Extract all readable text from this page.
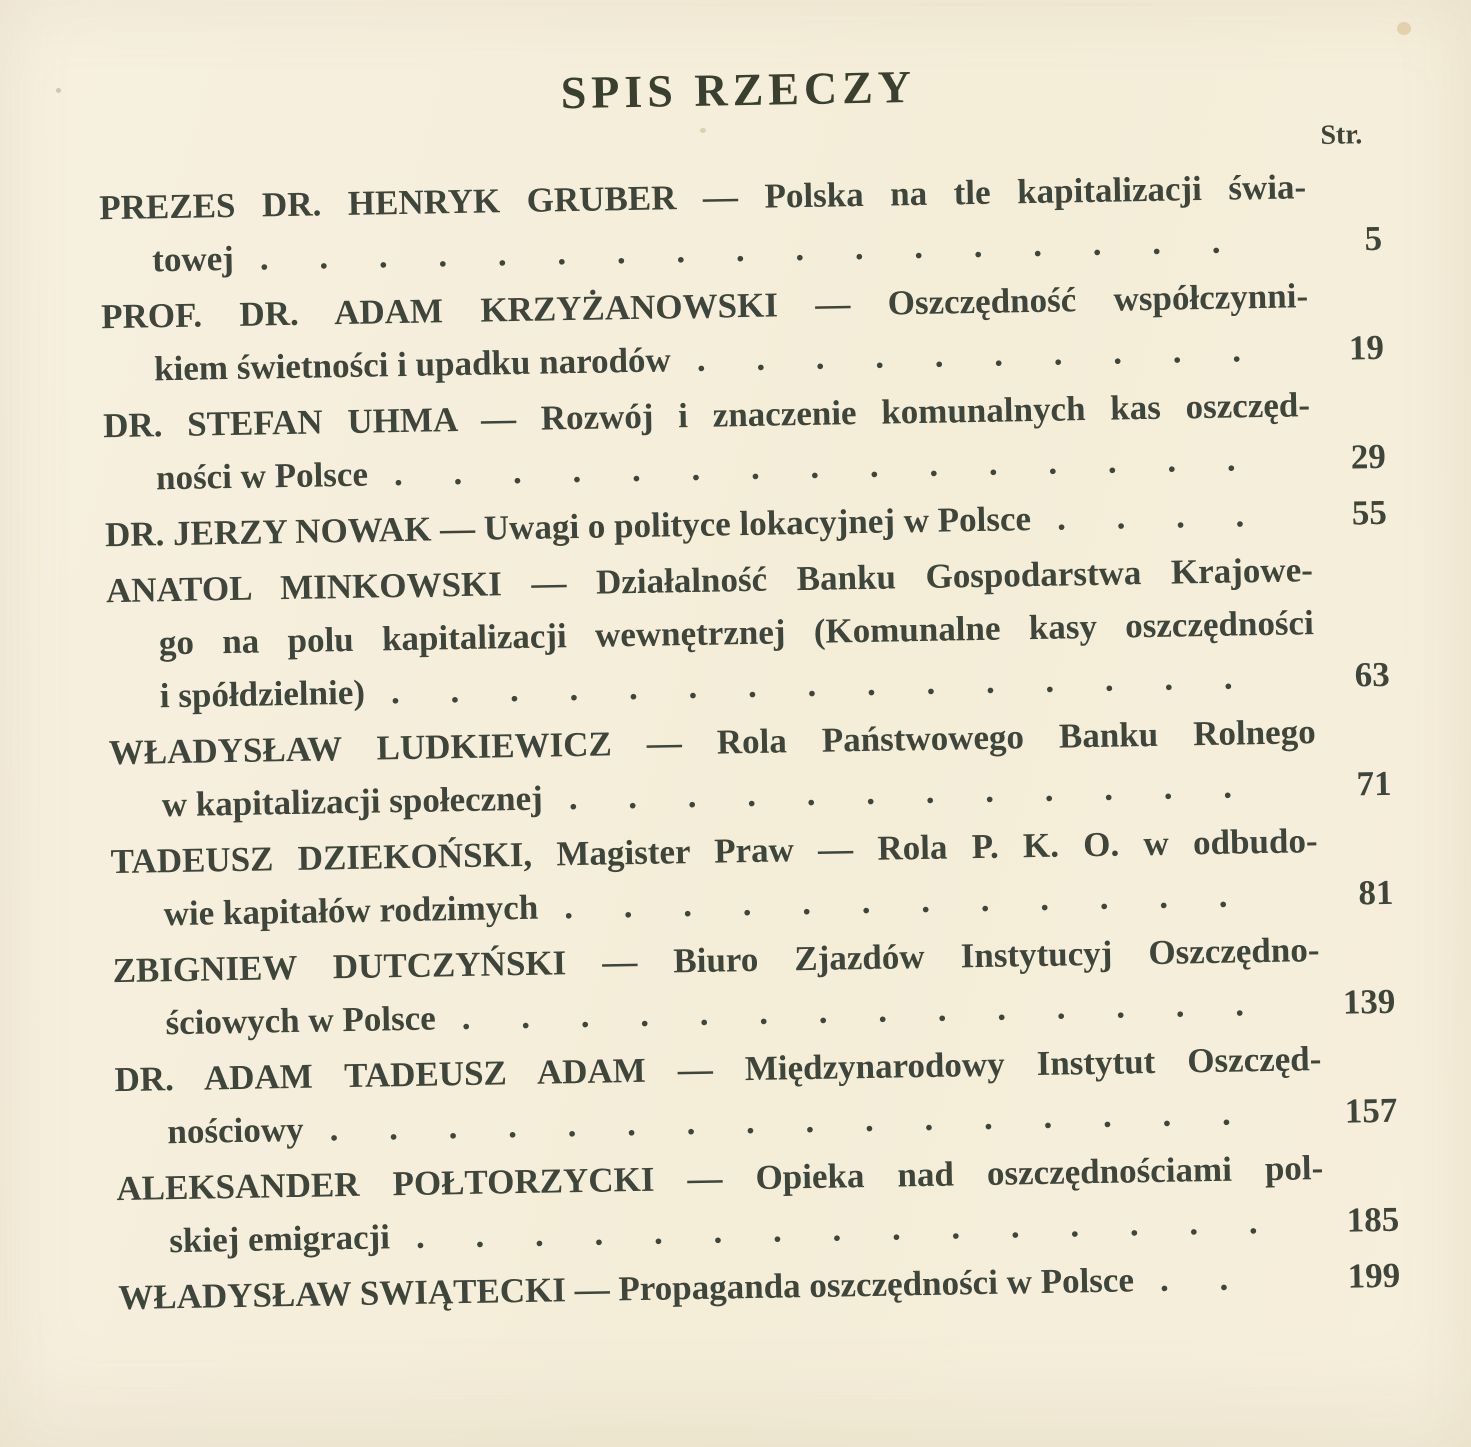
SPIS RZECZY
Str.
PREZES DR. HENRYK GRUBER — Polska na tle kapitalizacji świa-
towej . . . . . . . . . . . . . . . . .	5
PROF. DR. ADAM KRZYŻANOWSKI — Oszczędność współczynni-
kiem świetności i upadku narodów . . . . . . . . . .	19
DR. STEFAN UHMA — Rozwój i znaczenie komunalnych kas oszczęd-
ności w Polsce . . . . . . . . . . . . . . .	29
DR. JERZY NOWAK — Uwagi o polityce lokacyjnej w Polsce . . . .	55
ANATOL MINKOWSKI — Działalność Banku Gospodarstwa Krajowe-
go na polu kapitalizacji wewnętrznej (Komunalne kasy oszczędności
i spółdzielnie) . . . . . . . . . . . . . . .	63
WŁADYSŁAW LUDKIEWICZ — Rola Państwowego Banku Rolnego
w kapitalizacji społecznej . . . . . . . . . . . .	71
TADEUSZ DZIEKOŃSKI, Magister Praw — Rola P. K. O. w odbudo-
wie kapitałów rodzimych . . . . . . . . . . . .	81
ZBIGNIEW DUTCZYŃSKI — Biuro Zjazdów Instytucyj Oszczędno-
ściowych w Polsce . . . . . . . . . . . . . .	139
DR. ADAM TADEUSZ ADAM — Międzynarodowy Instytut Oszczęd-
nościowy . . . . . . . . . . . . . . . .	157
ALEKSANDER POŁTORZYCKI — Opieka nad oszczędnościami pol-
skiej emigracji . . . . . . . . . . . . . . .	185
WŁADYSŁAW SWIĄTECKI — Propaganda oszczędności w Polsce . .	199
